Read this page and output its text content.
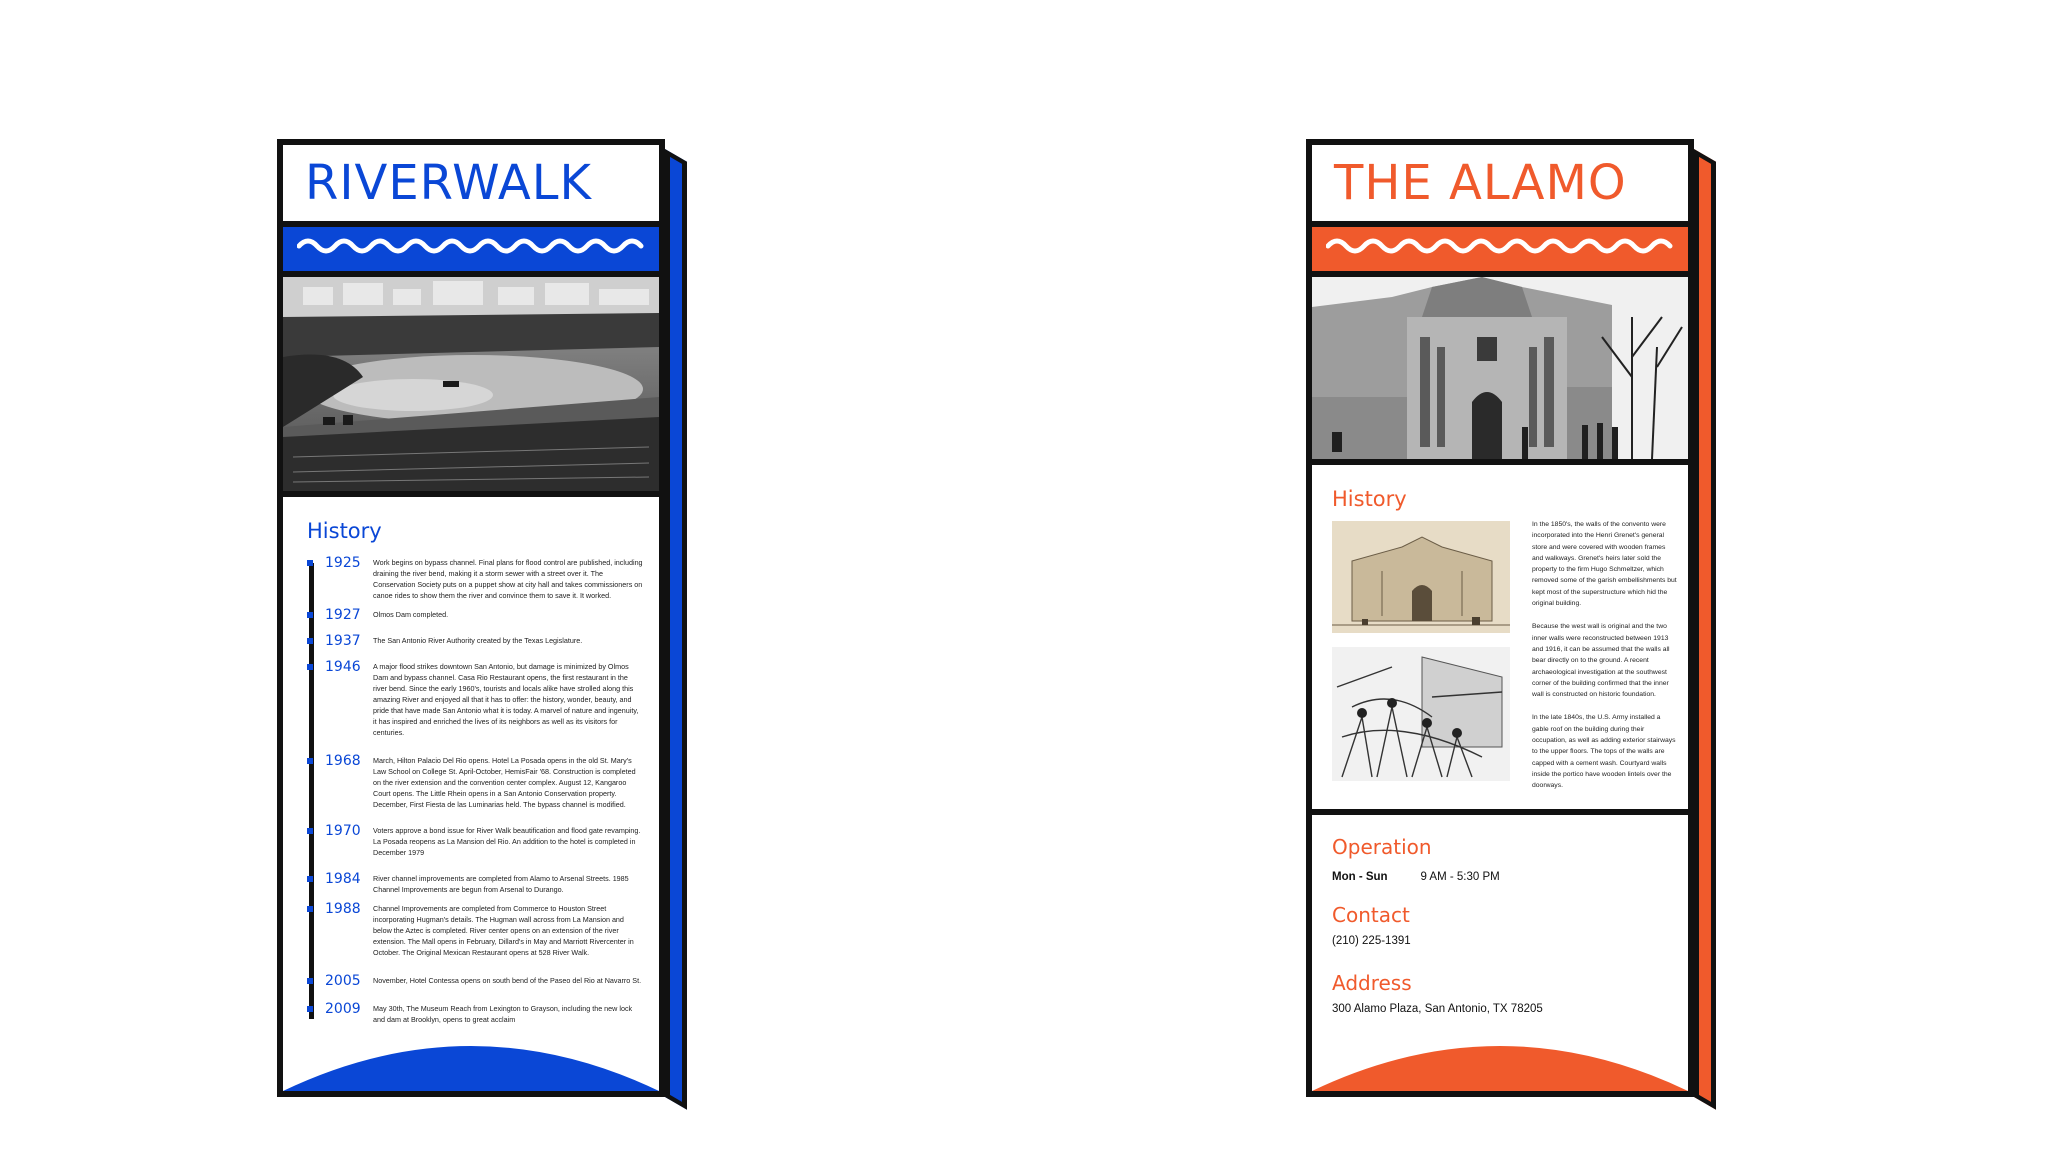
RIVERWALK
History
1925 Work begins on bypass channel. Final plans for flood control are published, including draining the river bend, making it a storm sewer with a street over it. The Conservation Society puts on a puppet show at city hall and takes commissioners on canoe rides to show them the river and convince them to save it. It worked.
1927 Olmos Dam completed.
1937 The San Antonio River Authority created by the Texas Legislature.
1946 A major flood strikes downtown San Antonio, but damage is minimized by Olmos Dam and bypass channel. Casa Rio Restaurant opens, the first restaurant in the river bend. Since the early 1960's, tourists and locals alike have strolled along this amazing River and enjoyed all that it has to offer: the history, wonder, beauty, and pride that have made San Antonio what it is today. A marvel of nature and ingenuity, it has inspired and enriched the lives of its neighbors as well as its visitors for centuries.
1968 March, Hilton Palacio Del Rio opens. Hotel La Posada opens in the old St. Mary's Law School on College St. April-October, HemisFair '68. Construction is completed on the river extension and the convention center complex. August 12, Kangaroo Court opens. The Little Rhein opens in a San Antonio Conservation property. December, First Fiesta de las Luminarias held. The bypass channel is modified.
1970 Voters approve a bond issue for River Walk beautification and flood gate revamping. La Posada reopens as La Mansion del Rio. An addition to the hotel is completed in December 1979
1984 River channel improvements are completed from Alamo to Arsenal Streets. 1985 Channel Improvements are begun from Arsenal to Durango.
1988 Channel Improvements are completed from Commerce to Houston Street incorporating Hugman's details. The Hugman wall across from La Mansion and below the Aztec is completed. River center opens on an extension of the river extension. The Mall opens in February, Dillard's in May and Marriott Rivercenter in October. The Original Mexican Restaurant opens at 528 River Walk.
2005 November, Hotel Contessa opens on south bend of the Paseo del Rio at Navarro St.
2009 May 30th, The Museum Reach from Lexington to Grayson, including the new lock and dam at Brooklyn, opens to great acclaim
THE ALAMO
History

In the 1850's, the walls of the convento were incorporated into the Henri Grenet's general store and were covered with wooden frames and walkways. Grenet's heirs later sold the property to the firm Hugo Schmeltzer, which removed some of the garish embellishments but kept most of the superstructure which hid the original building.

Because the west wall is original and the two inner walls were reconstructed between 1913 and 1916, it can be assumed that the walls all bear directly on to the ground. A recent archaeological investigation at the southwest corner of the building confirmed that the inner wall is constructed on historic foundation.

In the late 1840s, the U.S. Army installed a gable roof on the building during their occupation, as well as adding exterior stairways to the upper floors. The tops of the walls are capped with a cement wash. Courtyard walls inside the portico have wooden lintels over the doorways.

Operation
Mon - Sun	9 AM - 5:30 PM
Contact
(210) 225-1391
Address
300 Alamo Plaza, San Antonio, TX 78205
